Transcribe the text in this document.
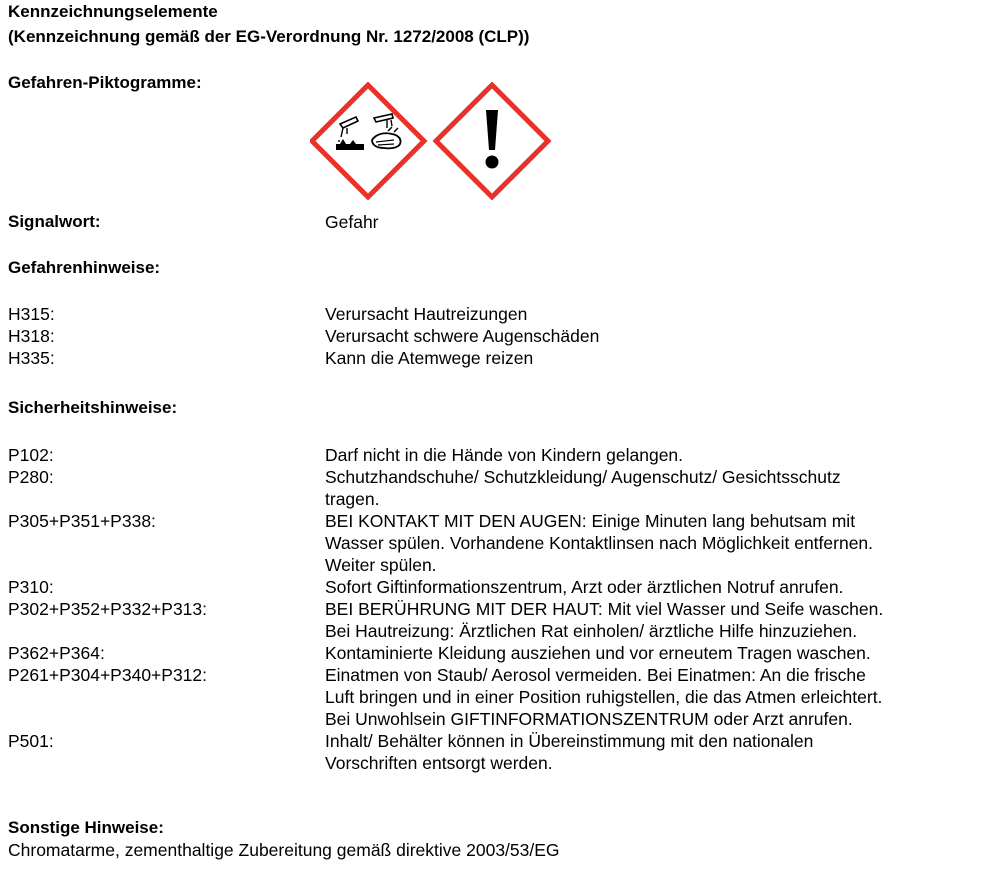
Kennzeichnungselemente
(Kennzeichnung gemäß der EG-Verordnung Nr. 1272/2008 (CLP))
Gefahren-Piktogramme:
Signalwort:	Gefahr
Gefahrenhinweise:
H315:	Verursacht Hautreizungen
H318:	Verursacht schwere Augenschäden
H335:	Kann die Atemwege reizen
Sicherheitshinweise:
P102:	Darf nicht in die Hände von Kindern gelangen.
P280:	Schutzhandschuhe/ Schutzkleidung/ Augenschutz/ Gesichtsschutz
tragen.
P305+P351+P338:	BEI KONTAKT MIT DEN AUGEN: Einige Minuten lang behutsam mit
Wasser spülen. Vorhandene Kontaktlinsen nach Möglichkeit entfernen.
Weiter spülen.
P310:	Sofort Giftinformationszentrum, Arzt oder ärztlichen Notruf anrufen.
P302+P352+P332+P313:	BEI BERÜHRUNG MIT DER HAUT: Mit viel Wasser und Seife waschen.
Bei Hautreizung: Ärztlichen Rat einholen/ ärztliche Hilfe hinzuziehen.
P362+P364:	Kontaminierte Kleidung ausziehen und vor erneutem Tragen waschen.
P261+P304+P340+P312:	Einatmen von Staub/ Aerosol vermeiden. Bei Einatmen: An die frische
Luft bringen und in einer Position ruhigstellen, die das Atmen erleichtert.
Bei Unwohlsein GIFTINFORMATIONSZENTRUM oder Arzt anrufen.
P501:	Inhalt/ Behälter können in Übereinstimmung mit den nationalen
Vorschriften entsorgt werden.
Sonstige Hinweise:
Chromatarme, zementhaltige Zubereitung gemäß direktive 2003/53/EG
